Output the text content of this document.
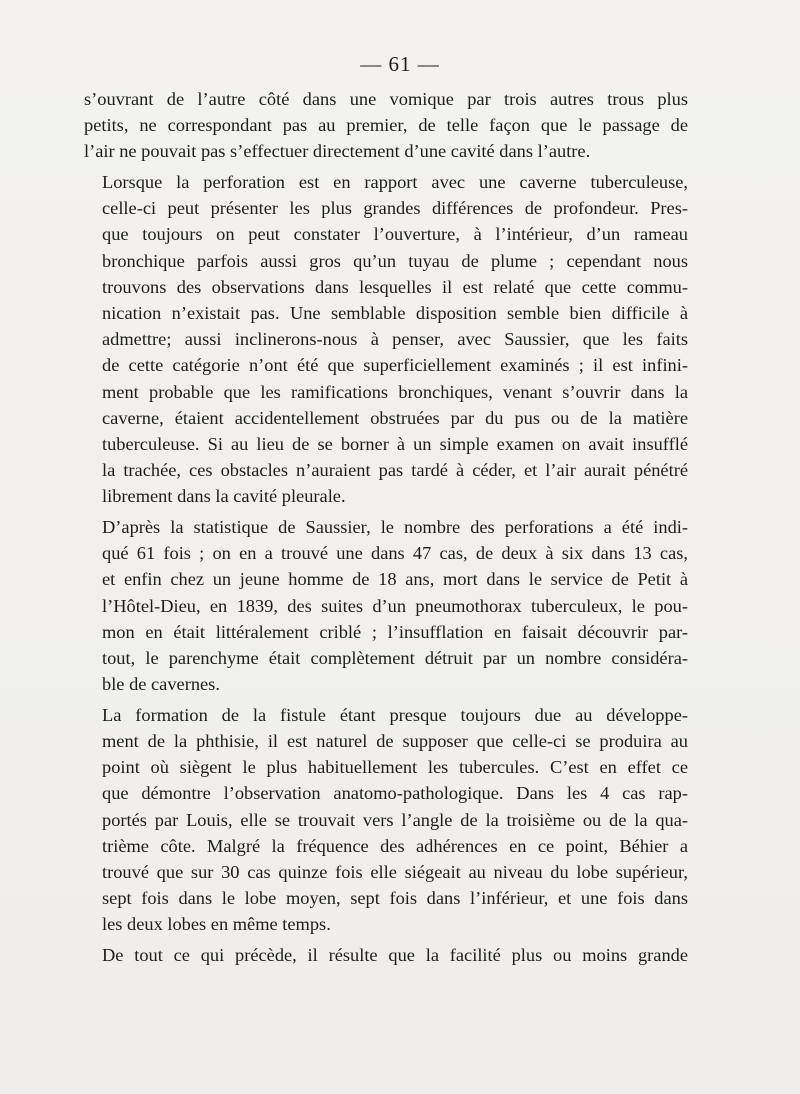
— 61 —

s’ouvrant de l’autre côté dans une vomique par trois autres trous plus
petits, ne correspondant pas au premier, de telle façon que le passage de
l’air ne pouvait pas s’effectuer directement d’une cavité dans l’autre.

Lorsque la perforation est en rapport avec une caverne tuberculeuse,
celle-ci peut présenter les plus grandes différences de profondeur. Pres-
que toujours on peut constater l’ouverture, à l’intérieur, d’un rameau
bronchique parfois aussi gros qu’un tuyau de plume ; cependant nous
trouvons des observations dans lesquelles il est relaté que cette commu-
nication n’existait pas. Une semblable disposition semble bien difficile à
admettre; aussi inclinerons-nous à penser, avec Saussier, que les faits
de cette catégorie n’ont été que superficiellement examinés ; il est infini-
ment probable que les ramifications bronchiques, venant s’ouvrir dans la
caverne, étaient accidentellement obstruées par du pus ou de la matière
tuberculeuse. Si au lieu de se borner à un simple examen on avait insufflé
la trachée, ces obstacles n’auraient pas tardé à céder, et l’air aurait pénétré
librement dans la cavité pleurale.

D’après la statistique de Saussier, le nombre des perforations a été indi-
qué 61 fois ; on en a trouvé une dans 47 cas, de deux à six dans 13 cas,
et enfin chez un jeune homme de 18 ans, mort dans le service de Petit à
l’Hôtel-Dieu, en 1839, des suites d’un pneumothorax tuberculeux, le pou-
mon en était littéralement criblé ; l’insufflation en faisait découvrir par-
tout, le parenchyme était complètement détruit par un nombre considéra-
ble de cavernes.

La formation de la fistule étant presque toujours due au développe-
ment de la phthisie, il est naturel de supposer que celle-ci se produira au
point où siègent le plus habituellement les tubercules. C’est en effet ce
que démontre l’observation anatomo-pathologique. Dans les 4 cas rap-
portés par Louis, elle se trouvait vers l’angle de la troisième ou de la qua-
trième côte. Malgré la fréquence des adhérences en ce point, Béhier a
trouvé que sur 30 cas quinze fois elle siégeait au niveau du lobe supérieur,
sept fois dans le lobe moyen, sept fois dans l’inférieur, et une fois dans
les deux lobes en même temps.

De tout ce qui précède, il résulte que la facilité plus ou moins grande
